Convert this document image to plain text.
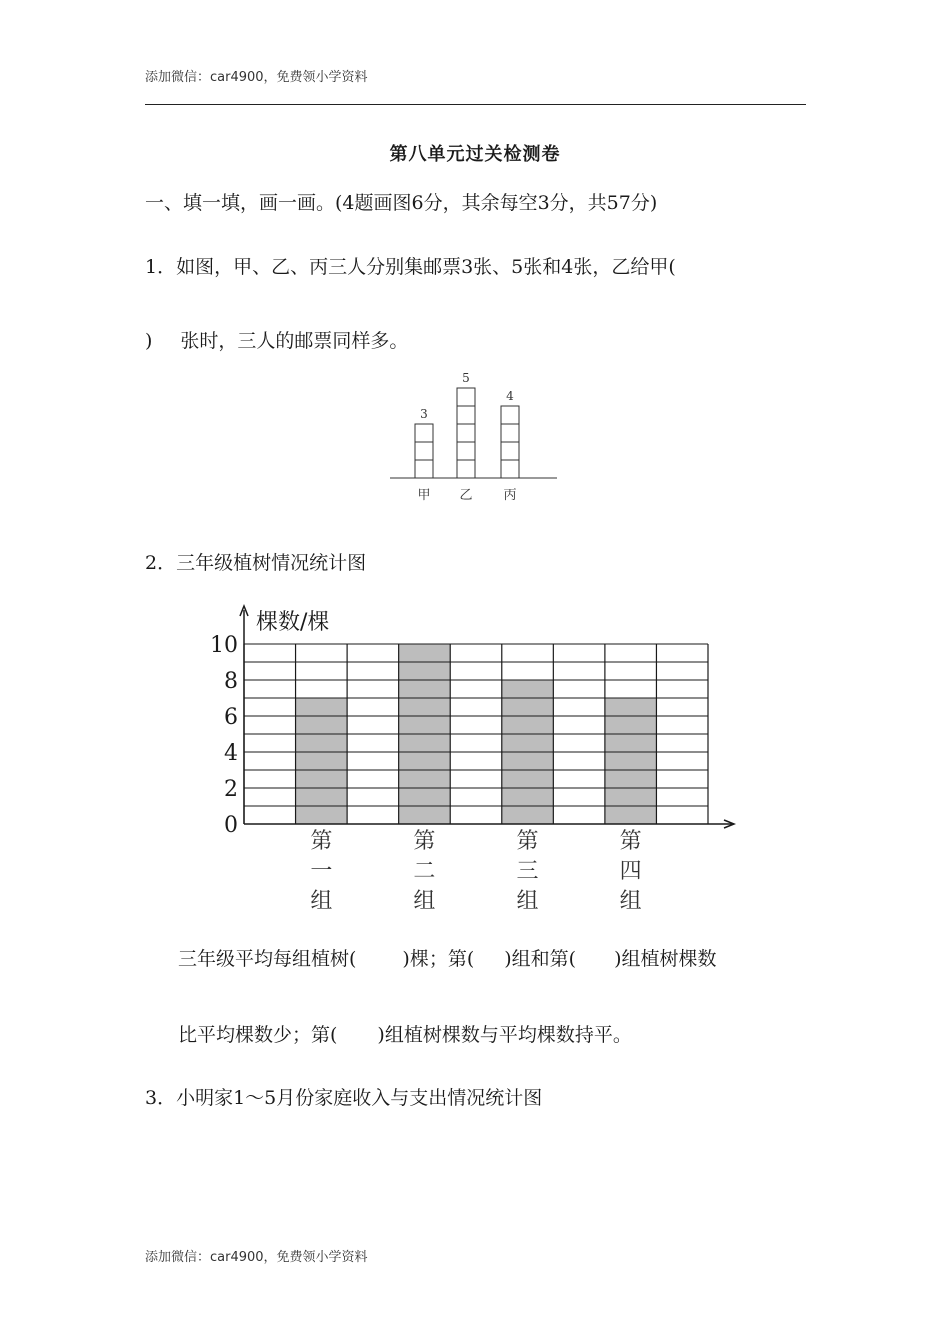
添加微信：car4900，免费领小学资料
第八单元过关检测卷
一、填一填，画一画。(4题画图6分，其余每空3分，共57分)
1．如图，甲、乙、丙三人分别集邮票3张、5张和4张，乙给甲(
) 张时，三人的邮票同样多。
3
甲
5
乙
4
丙
2．三年级植树情况统计图
0
2
4
6
8
10
第
一
组
第
二
组
第
三
组
第
四
组
棵数/棵
三年级平均每组植树( )棵；第( )组和第( )组植树棵数
比平均棵数少；第( )组植树棵数与平均棵数持平。
3．小明家1～5月份家庭收入与支出情况统计图
添加微信：car4900，免费领小学资料
